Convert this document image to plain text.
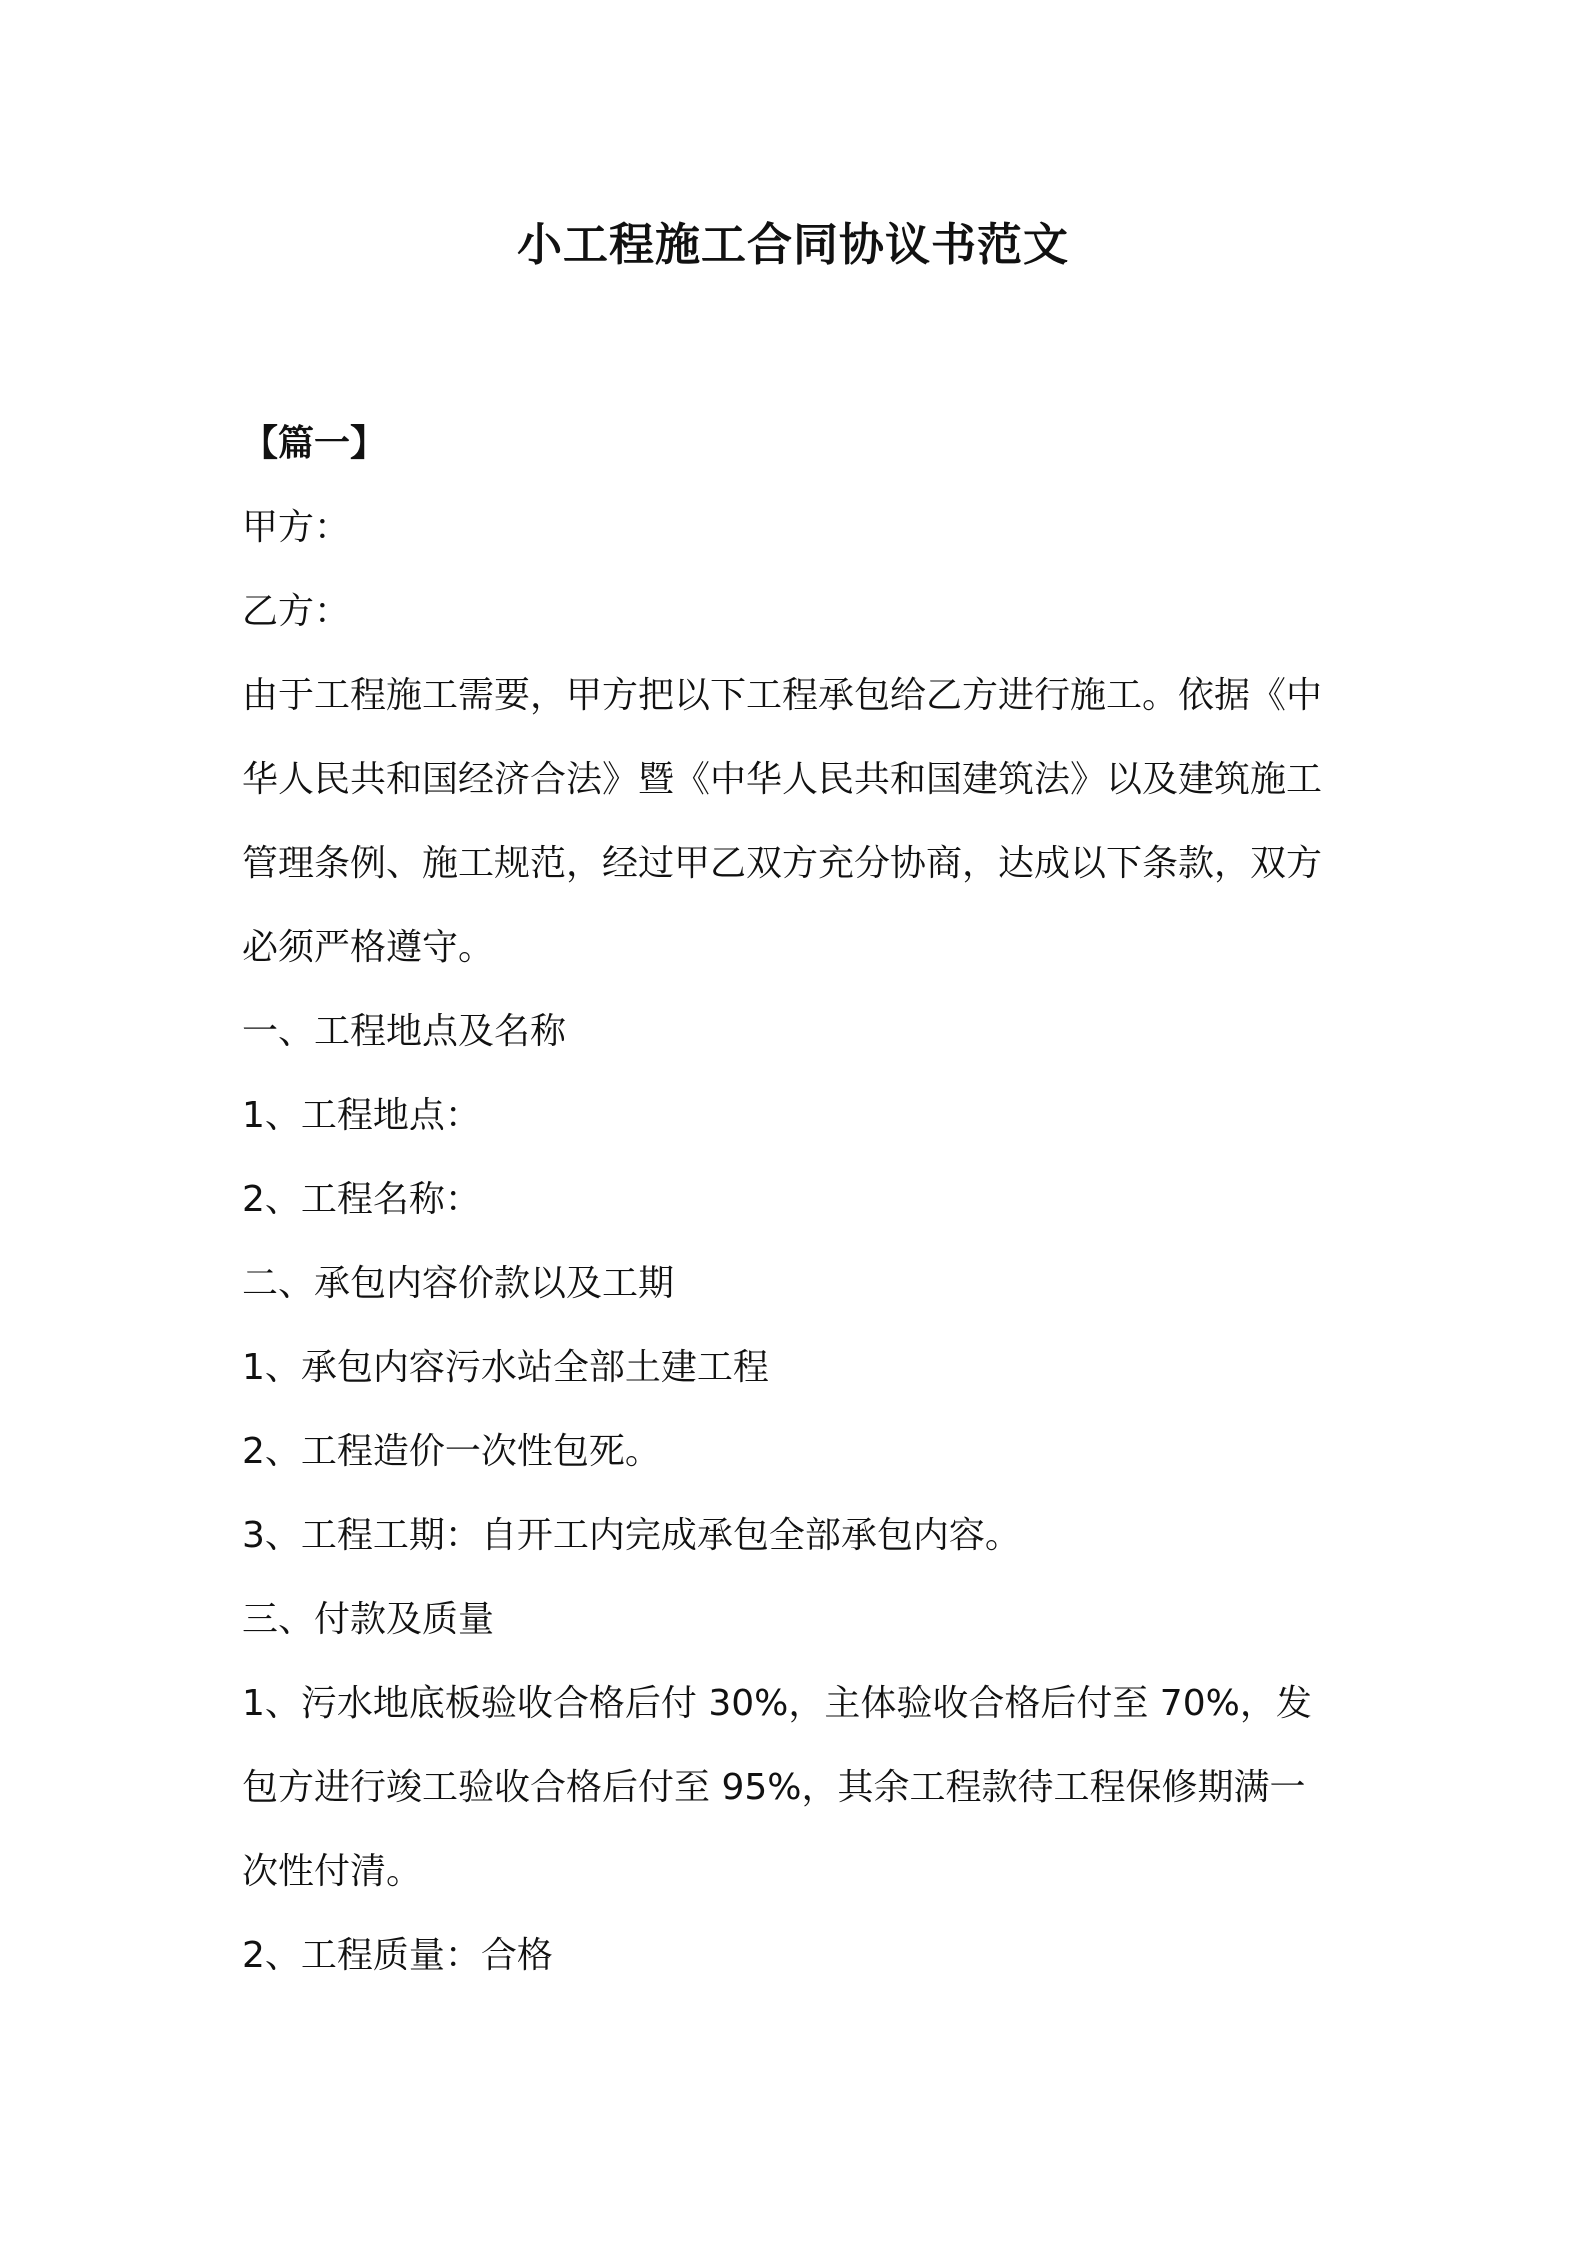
小工程施工合同协议书范文
【篇一】
甲方：
乙方：
由于工程施工需要，甲方把以下工程承包给乙方进行施工。依据《中
华人民共和国经济合法》暨《中华人民共和国建筑法》以及建筑施工
管理条例、施工规范，经过甲乙双方充分协商，达成以下条款，双方
必须严格遵守。
一、工程地点及名称
1、工程地点：
2、工程名称：
二、承包内容价款以及工期
1、承包内容污水站全部土建工程
2、工程造价一次性包死。
3、工程工期：自开工内完成承包全部承包内容。
三、付款及质量
1、污水地底板验收合格后付 30%，主体验收合格后付至 70%，发
包方进行竣工验收合格后付至 95%，其余工程款待工程保修期满一
次性付清。
2、工程质量：合格
